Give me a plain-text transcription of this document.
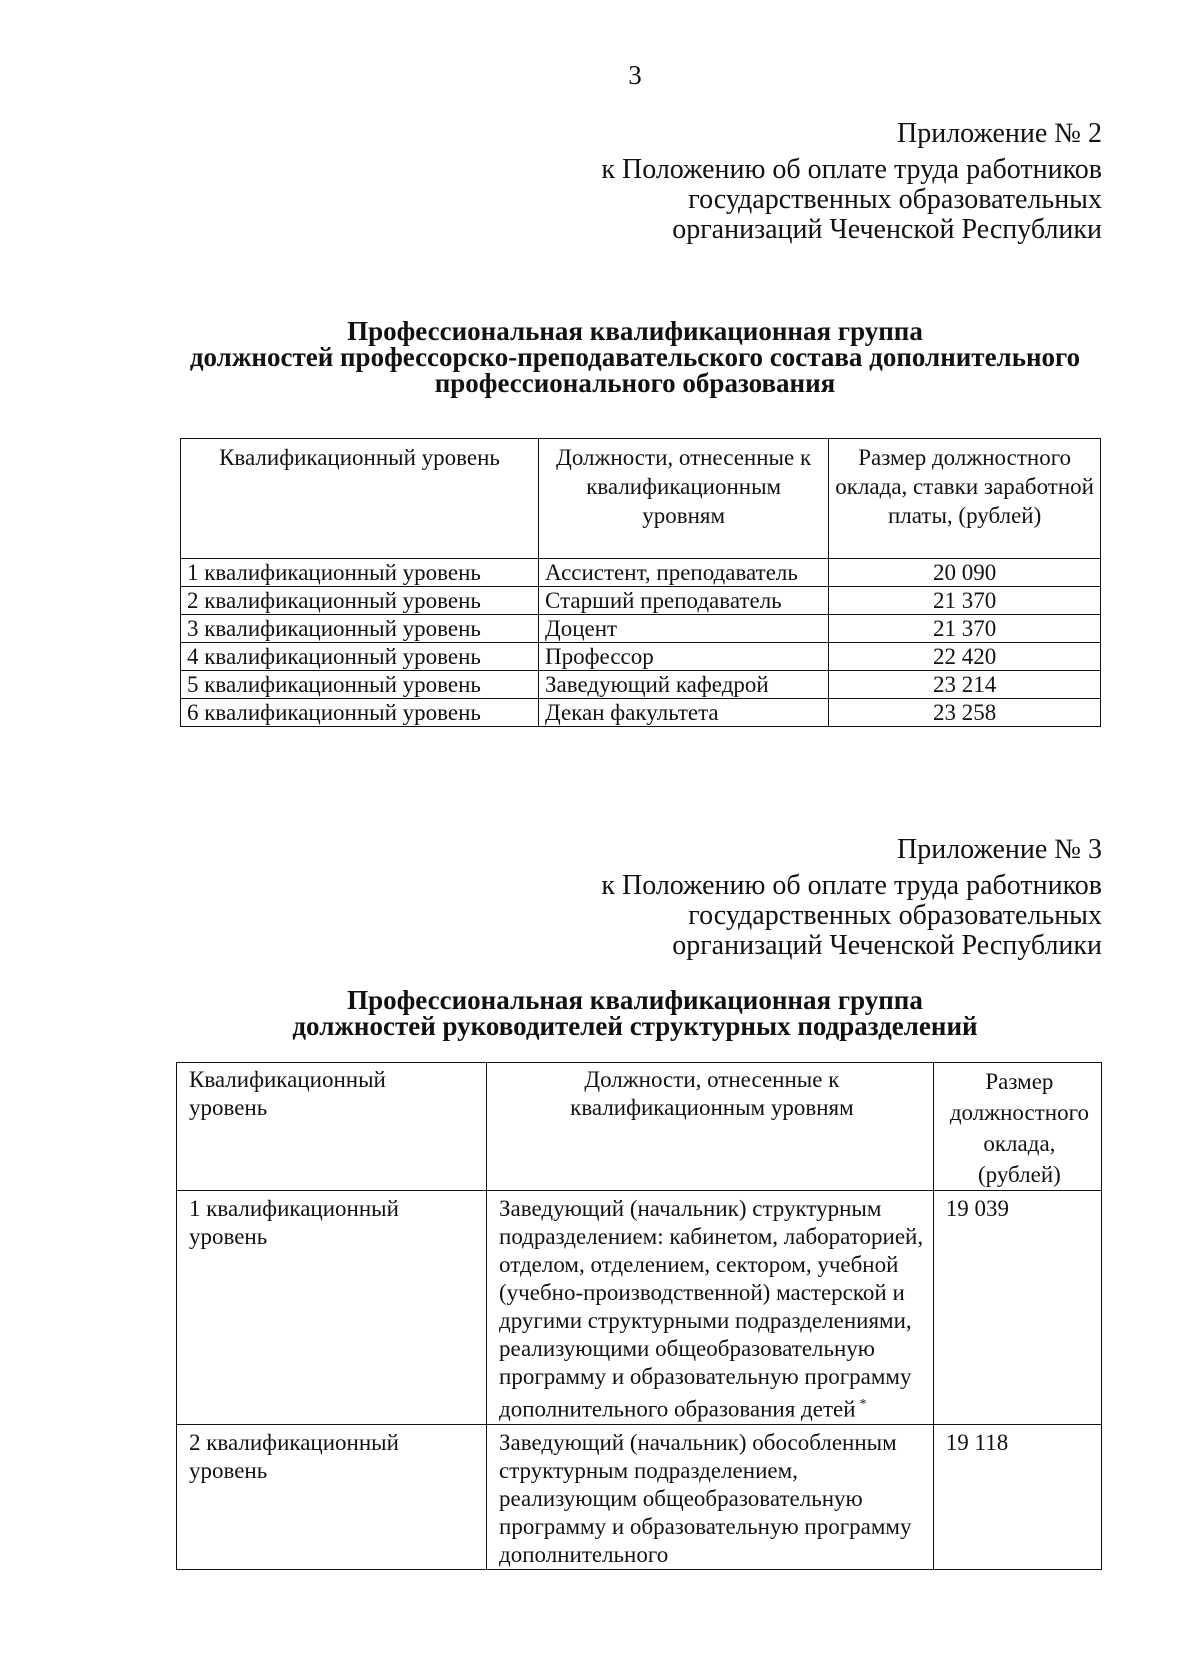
3
Приложение № 2
к Положению об оплате труда работников
государственных образовательных
организаций Чеченской Республики
Профессиональная квалификационная группа
должностей профессорско-преподавательского состава дополнительного
профессионального образования
Квалификационный уровень	Должности, отнесенные к квалификационным уровням	Размер должностного оклада, ставки заработной платы, (рублей)
1 квалификационный уровень	Ассистент, преподаватель	20 090
2 квалификационный уровень	Старший преподаватель	21 370
3 квалификационный уровень	Доцент	21 370
4 квалификационный уровень	Профессор	22 420
5 квалификационный уровень	Заведующий кафедрой	23 214
6 квалификационный уровень	Декан факультета	23 258
Приложение № 3
к Положению об оплате труда работников
государственных образовательных
организаций Чеченской Республики
Профессиональная квалификационная группа
должностей руководителей структурных подразделений
Квалификационный уровень	Должности, отнесенные к квалификационным уровням	Размер должностного оклада, (рублей)

1 квалификационный уровень	Заведующий (начальник) структурным подразделением: кабинетом, лабораторией, отделом, отделением, сектором, учебной (учебно-производственной) мастерской и другими структурными подразделениями, реализующими общеобразовательную программу и образовательную программу дополнительного образования детей *	19 039

2 квалификационный уровень	Заведующий (начальник) обособленным структурным подразделением, реализующим общеобразовательную программу и образовательную программу дополнительного	19 118
